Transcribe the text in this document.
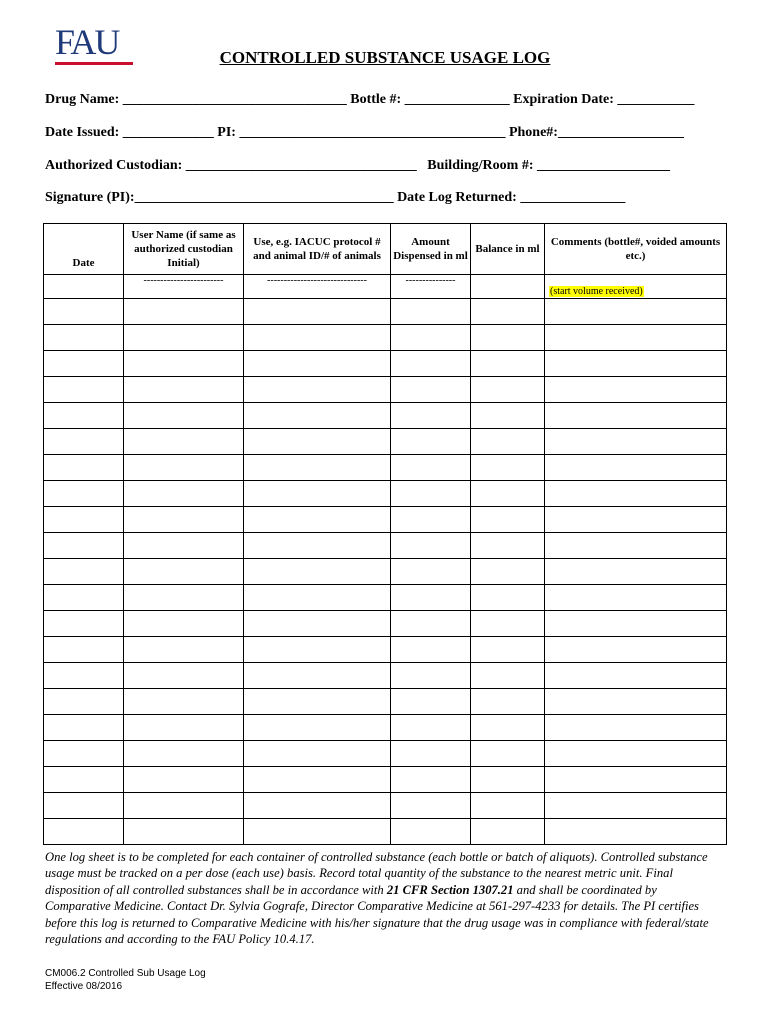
FAU	CONTROLLED SUBSTANCE USAGE LOG
Drug Name: ________________________________ Bottle #: _______________ Expiration Date: ___________
Date Issued: _____________ PI: ______________________________________ Phone#:__________________
Authorized Custodian: _________________________________   Building/Room #: ___________________
Signature (PI):_____________________________________ Date Log Returned: _______________
Date	User Name (if same as authorized custodian Initial)	Use, e.g. IACUC protocol # and animal ID/# of animals	Amount Dispensed in ml	Balance in ml	Comments (bottle#, voided amounts etc.)
	------------------------	------------------------------	---------------		(start volume received)

One log sheet is to be completed for each container of controlled substance (each bottle or batch of aliquots). Controlled substance usage must be tracked on a per dose (each use) basis. Record total quantity of the substance to the nearest metric unit. Final disposition of all controlled substances shall be in accordance with 21 CFR Section 1307.21 and shall be coordinated by Comparative Medicine. Contact Dr. Sylvia Gografe, Director Comparative Medicine at 561-297-4233 for details. The PI certifies before this log is returned to Comparative Medicine with his/her signature that the drug usage was in compliance with federal/state regulations and according to the FAU Policy 10.4.17.
CM006.2 Controlled Sub Usage Log
Effective 08/2016
